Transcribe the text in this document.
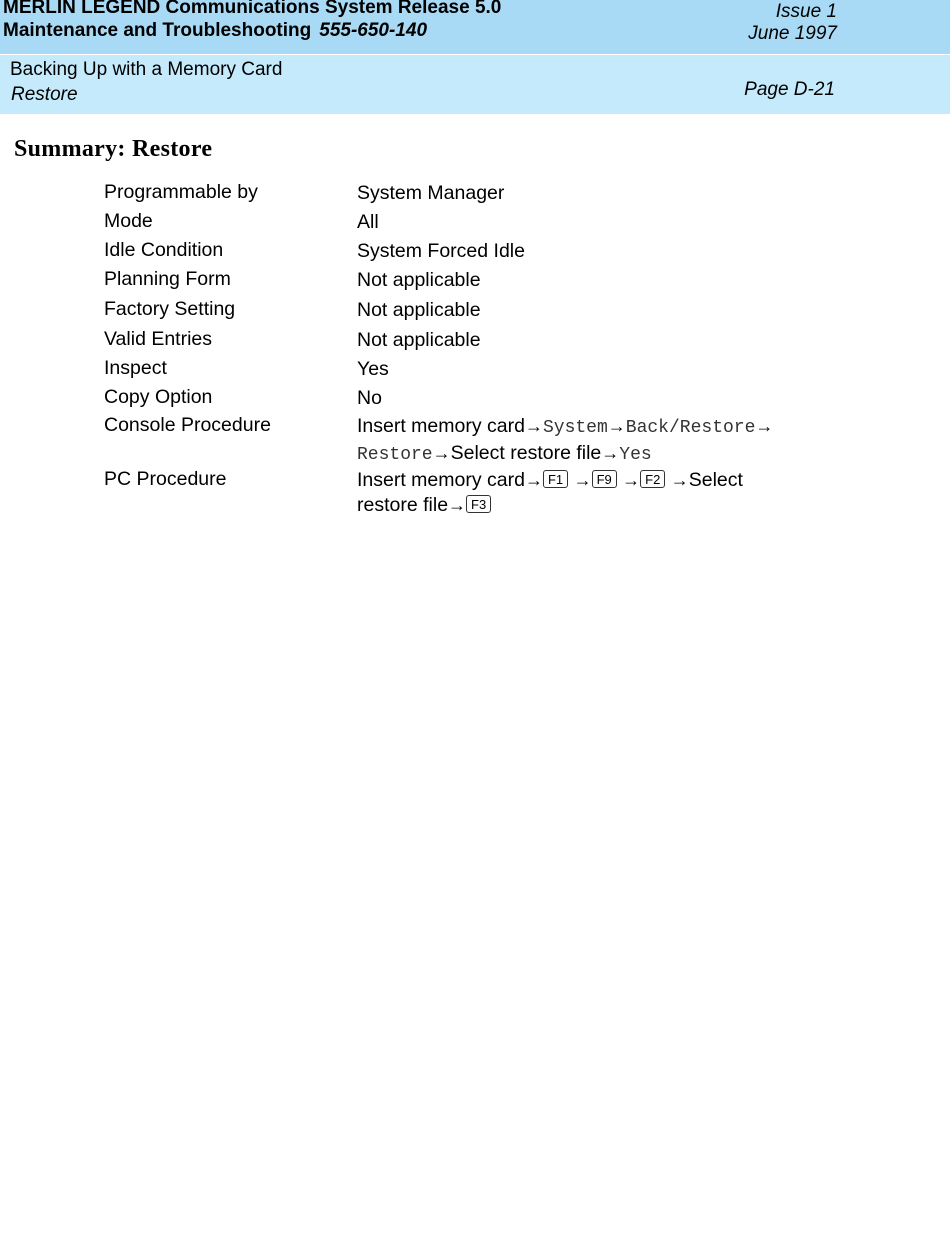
MERLIN LEGEND Communications System Release 5.0
Maintenance and Troubleshooting 555-650-140
Issue 1
June 1997
Backing Up with a Memory Card
Restore	Page D-21
Summary: Restore
Programmable by	System Manager
Mode	All
Idle Condition	System Forced Idle
Planning Form	Not applicable
Factory Setting	Not applicable
Valid Entries	Not applicable
Inspect	Yes
Copy Option	No
Console Procedure	Insert memory card→System→Back/Restore→
Restore→Select restore file→Yes
PC Procedure	Insert memory card→ F1 → F9 → F2 →Select
restore file→ F3
